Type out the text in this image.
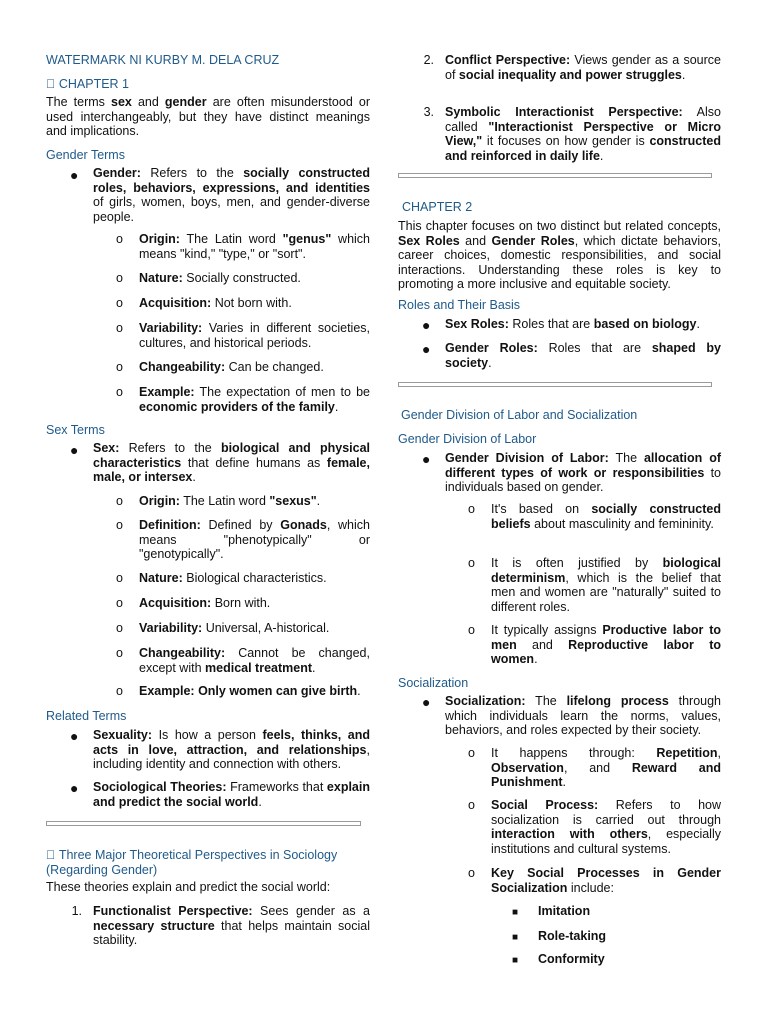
WATERMARK NI KURBY M. DELA CRUZ
CHAPTER 1
The terms sex and gender are often misunderstood or used interchangeably, but they have distinct meanings and implications.
Gender Terms
● Gender: Refers to the socially constructed roles, behaviors, expressions, and identities of girls, women, boys, men, and gender-diverse people.
o Origin: The Latin word "genus" which means "kind," "type," or "sort".
o Nature: Socially constructed.
o Acquisition: Not born with.
o Variability: Varies in different societies, cultures, and historical periods.
o Changeability: Can be changed.
o Example: The expectation of men to be economic providers of the family.
Sex Terms
● Sex: Refers to the biological and physical characteristics that define humans as female, male, or intersex.
o Origin: The Latin word "sexus".
o Definition: Defined by Gonads, which means "phenotypically" or "genotypically".
o Nature: Biological characteristics.
o Acquisition: Born with.
o Variability: Universal, A-historical.
o Changeability: Cannot be changed, except with medical treatment.
o Example: Only women can give birth.
Related Terms
● Sexuality: Is how a person feels, thinks, and acts in love, attraction, and relationships, including identity and connection with others.
● Sociological Theories: Frameworks that explain and predict the social world.
Three Major Theoretical Perspectives in Sociology (Regarding Gender)
These theories explain and predict the social world:
1. Functionalist Perspective: Sees gender as a necessary structure that helps maintain social stability.
2. Conflict Perspective: Views gender as a source of social inequality and power struggles.
3. Symbolic Interactionist Perspective: Also called "Interactionist Perspective or Micro View," it focuses on how gender is constructed and reinforced in daily life.
CHAPTER 2
This chapter focuses on two distinct but related concepts, Sex Roles and Gender Roles, which dictate behaviors, career choices, domestic responsibilities, and social interactions. Understanding these roles is key to promoting a more inclusive and equitable society.
Roles and Their Basis
● Sex Roles: Roles that are based on biology.
● Gender Roles: Roles that are shaped by society.
Gender Division of Labor and Socialization
Gender Division of Labor
● Gender Division of Labor: The allocation of different types of work or responsibilities to individuals based on gender.
o It's based on socially constructed beliefs about masculinity and femininity.
o It is often justified by biological determinism, which is the belief that men and women are "naturally" suited to different roles.
o It typically assigns Productive labor to men and Reproductive labor to women.
Socialization
● Socialization: The lifelong process through which individuals learn the norms, values, behaviors, and roles expected by their society.
o It happens through: Repetition, Observation, and Reward and Punishment.
o Social Process: Refers to how socialization is carried out through interaction with others, especially institutions and cultural systems.
o Key Social Processes in Gender Socialization include:
■ Imitation
■ Role-taking
■ Conformity
